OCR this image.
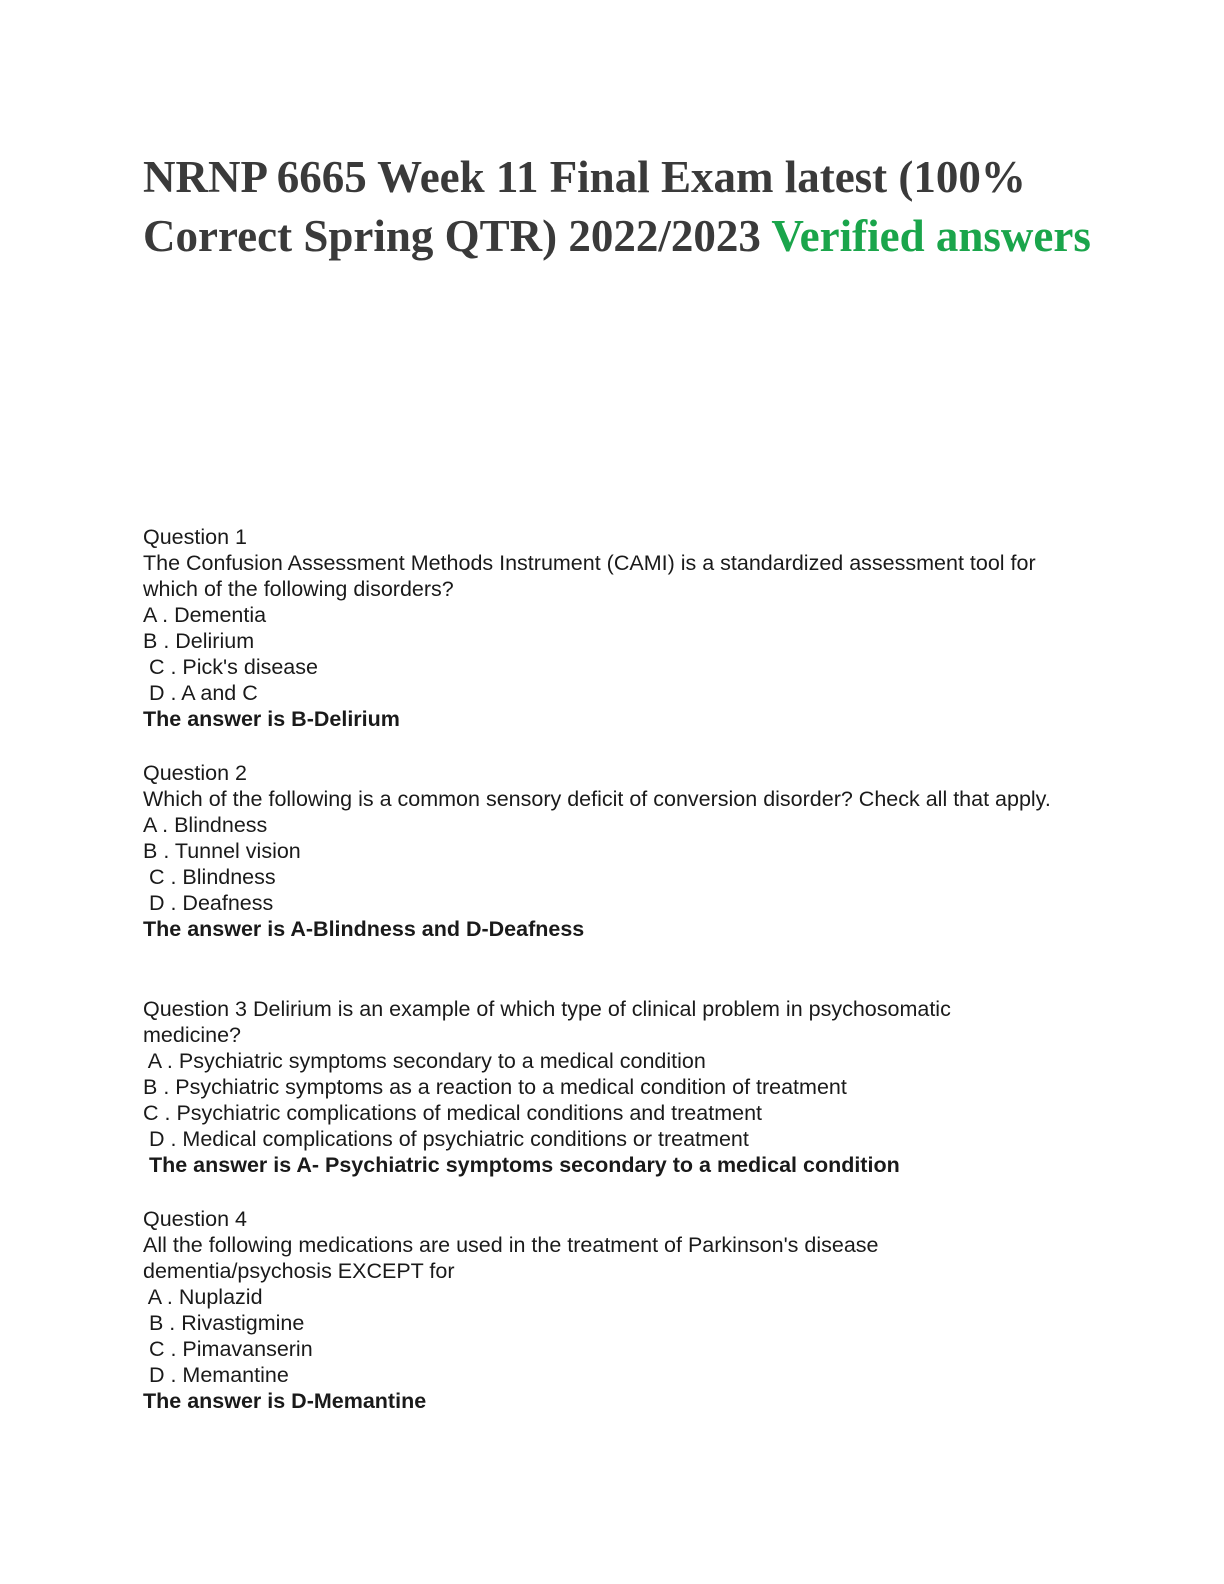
NRNP 6665 Week 11 Final Exam latest (100% Correct Spring QTR) 2022/2023 Verified answers
Question 1
The Confusion Assessment Methods Instrument (CAMI) is a standardized assessment tool for which of the following disorders?
A . Dementia
B . Delirium
C . Pick's disease
D . A and C
The answer is B-Delirium
Question 2
Which of the following is a common sensory deficit of conversion disorder? Check all that apply.
A . Blindness
B . Tunnel vision
C . Blindness
D . Deafness
The answer is A-Blindness and D-Deafness
Question 3 Delirium is an example of which type of clinical problem in psychosomatic medicine?
A . Psychiatric symptoms secondary to a medical condition
B . Psychiatric symptoms as a reaction to a medical condition of treatment
C . Psychiatric complications of medical conditions and treatment
D . Medical complications of psychiatric conditions or treatment
The answer is A- Psychiatric symptoms secondary to a medical condition
Question 4
All the following medications are used in the treatment of Parkinson's disease dementia/psychosis EXCEPT for
A . Nuplazid
B . Rivastigmine
C . Pimavanserin
D . Memantine
The answer is D-Memantine
